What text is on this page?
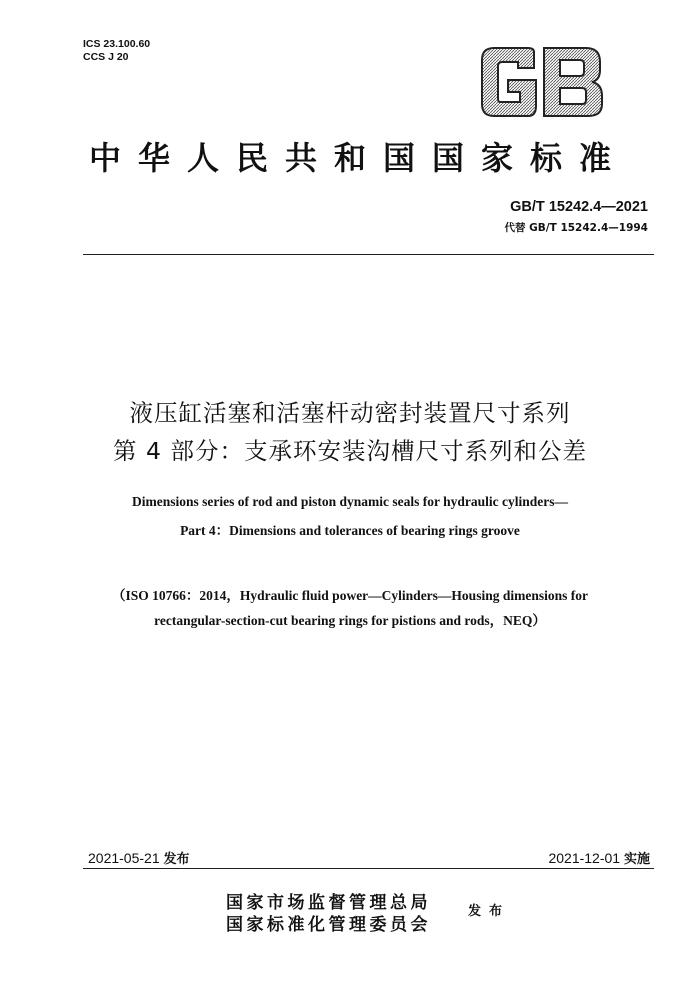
ICS 23.100.60
CCS J 20
GB
中华人民共和国国家标准
GB/T 15242.4—2021
代替 GB/T 15242.4—1994
液压缸活塞和活塞杆动密封装置尺寸系列
第 4 部分：支承环安装沟槽尺寸系列和公差
Dimensions series of rod and piston dynamic seals for hydraulic cylinders—
Part 4：Dimensions and tolerances of bearing rings groove
（ISO 10766：2014，Hydraulic fluid power—Cylinders—Housing dimensions for
rectangular-section-cut bearing rings for pistions and rods，NEQ）
2021-05-21 发布	2021-12-01 实施
国家市场监督管理总局
国家标准化管理委员会
发布
